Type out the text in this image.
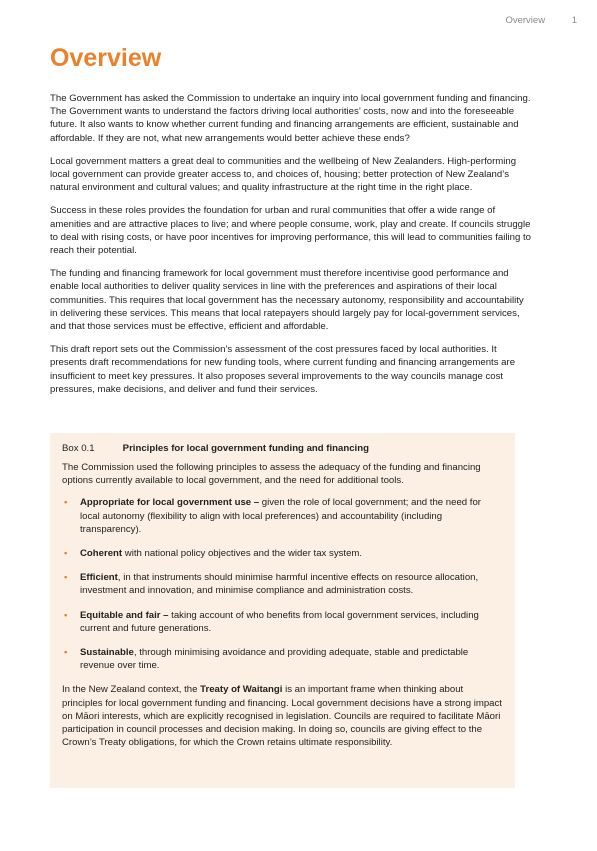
Overview	1
Overview

The Government has asked the Commission to undertake an inquiry into local government funding and financing. The Government wants to understand the factors driving local authorities’ costs, now and into the foreseeable future. It also wants to know whether current funding and financing arrangements are efficient, sustainable and affordable. If they are not, what new arrangements would better achieve these ends?

Local government matters a great deal to communities and the wellbeing of New Zealanders. High-performing local government can provide greater access to, and choices of, housing; better protection of New Zealand’s natural environment and cultural values; and quality infrastructure at the right time in the right place.

Success in these roles provides the foundation for urban and rural communities that offer a wide range of amenities and are attractive places to live; and where people consume, work, play and create. If councils struggle to deal with rising costs, or have poor incentives for improving performance, this will lead to communities failing to reach their potential.

The funding and financing framework for local government must therefore incentivise good performance and enable local authorities to deliver quality services in line with the preferences and aspirations of their local communities. This requires that local government has the necessary autonomy, responsibility and accountability in delivering these services. This means that local ratepayers should largely pay for local-government services, and that those services must be effective, efficient and affordable.

This draft report sets out the Commission’s assessment of the cost pressures faced by local authorities. It presents draft recommendations for new funding tools, where current funding and financing arrangements are insufficient to meet key pressures. It also proposes several improvements to the way councils manage cost pressures, make decisions, and deliver and fund their services.

Box 0.1	Principles for local government funding and financing

The Commission used the following principles to assess the adequacy of the funding and financing options currently available to local government, and the need for additional tools.

• Appropriate for local government use – given the role of local government; and the need for local autonomy (flexibility to align with local preferences) and accountability (including transparency).
• Coherent with national policy objectives and the wider tax system.
• Efficient, in that instruments should minimise harmful incentive effects on resource allocation, investment and innovation, and minimise compliance and administration costs.
• Equitable and fair – taking account of who benefits from local government services, including current and future generations.
• Sustainable, through minimising avoidance and providing adequate, stable and predictable revenue over time.

In the New Zealand context, the Treaty of Waitangi is an important frame when thinking about principles for local government funding and financing. Local government decisions have a strong impact on Māori interests, which are explicitly recognised in legislation. Councils are required to facilitate Māori participation in council processes and decision making. In doing so, councils are giving effect to the Crown’s Treaty obligations, for which the Crown retains ultimate responsibility.
